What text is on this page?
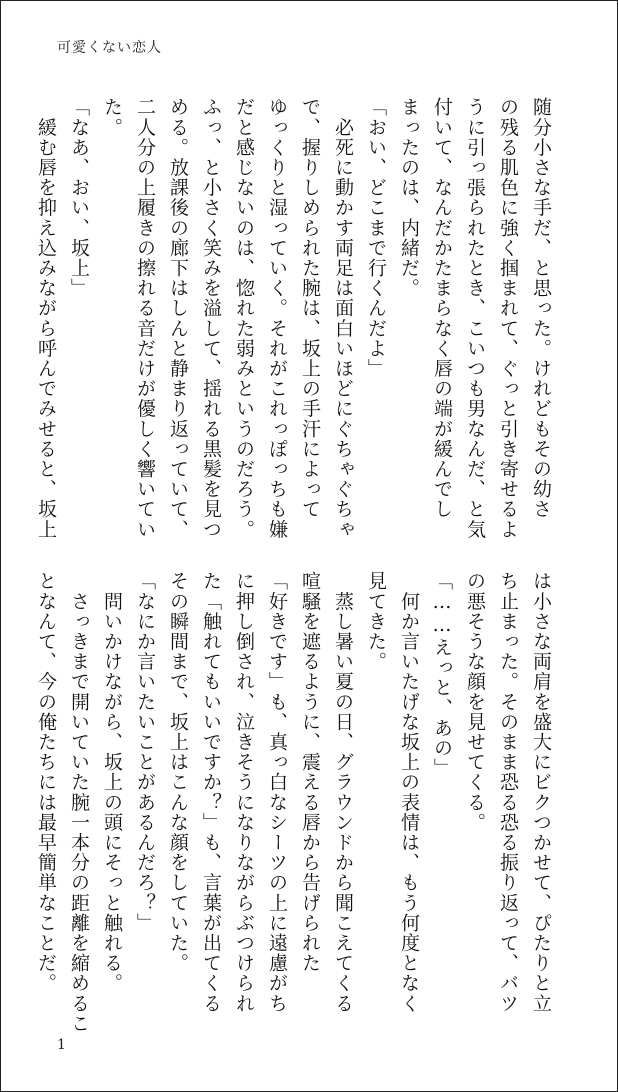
可愛くない恋人
随分小さな手だ、と思った。けれどもその幼さ
の残る肌色に強く掴まれて、ぐっと引き寄せるよ
うに引っ張られたとき、こいつも男なんだ、と気
付いて、なんだかたまらなく唇の端が緩んでし
まったのは、内緒だ。
「おい、どこまで行くんだよ」
　必死に動かす両足は面白いほどにぐちゃぐちゃ
で、握りしめられた腕は、坂上の手汗によって
ゆっくりと湿っていく。それがこれっぽっちも嫌
だと感じないのは、惚れた弱みというのだろう。
ふっ、と小さく笑みを溢して、揺れる黒髪を見つ
める。放課後の廊下はしんと静まり返っていて、
二人分の上履きの擦れる音だけが優しく響いてい
た。
「なあ、おい、坂上」
　緩む唇を抑え込みながら呼んでみせると、坂上
は小さな両肩を盛大にビクつかせて、ぴたりと立
ち止まった。そのまま恐る恐る振り返って、バツ
の悪そうな顔を見せてくる。
「……えっと、あの」
　何か言いたげな坂上の表情は、もう何度となく
見てきた。
　蒸し暑い夏の日、グラウンドから聞こえてくる
喧騒を遮るように、震える唇から告げられた
「好きです」も、真っ白なシーツの上に遠慮がち
に押し倒され、泣きそうになりながらぶつけられ
た「触れてもいいですか？」も、言葉が出てくる
その瞬間まで、坂上はこんな顔をしていた。
「なにか言いたいことがあるんだろ？」
　問いかけながら、坂上の頭にそっと触れる。
　さっきまで開いていた腕一本分の距離を縮めるこ
となんて、今の俺たちには最早簡単なことだ。
1
